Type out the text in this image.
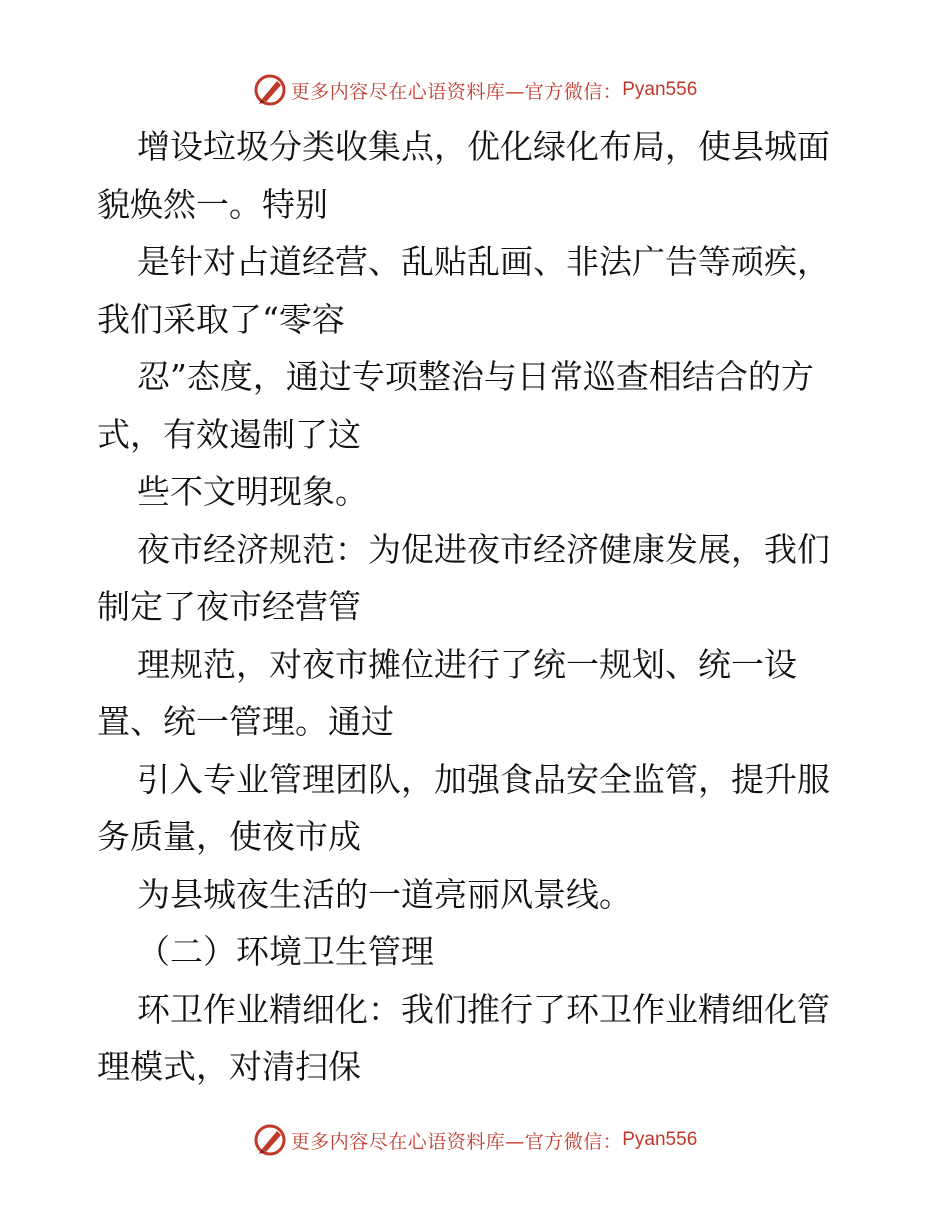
更多内容尽在心语资料库—官方微信： Pyan556
增设垃圾分类收集点，优化绿化布局，使县城面
貌焕然一。特别
是针对占道经营、乱贴乱画、非法广告等顽疾，
我们采取了“零容
忍”态度，通过专项整治与日常巡查相结合的方
式，有效遏制了这
些不文明现象。
夜市经济规范：为促进夜市经济健康发展，我们
制定了夜市经营管
理规范，对夜市摊位进行了统一规划、统一设
置、统一管理。通过
引入专业管理团队，加强食品安全监管，提升服
务质量，使夜市成
为县城夜生活的一道亮丽风景线。
（二）环境卫生管理
环卫作业精细化：我们推行了环卫作业精细化管
理模式，对清扫保
更多内容尽在心语资料库—官方微信： Pyan556
